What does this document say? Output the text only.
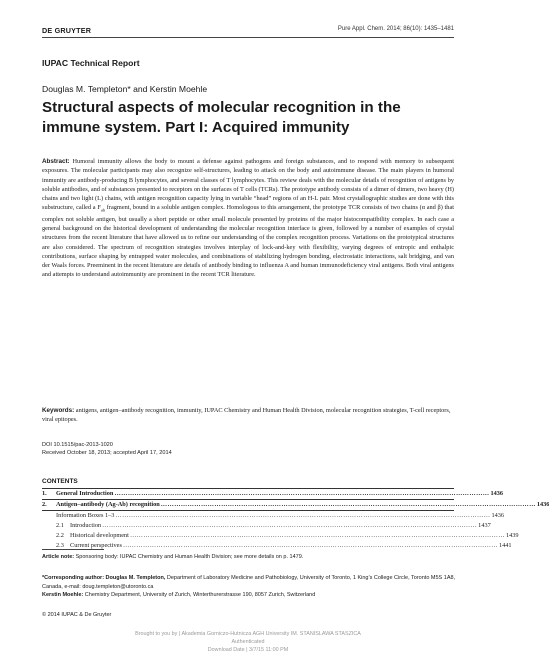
DE GRUYTER	Pure Appl. Chem. 2014; 86(10): 1435–1481
IUPAC Technical Report
Douglas M. Templeton* and Kerstin Moehle
Structural aspects of molecular recognition in the immune system. Part I: Acquired immunity
Abstract: Humoral immunity allows the body to mount a defense against pathogens and foreign substances, and to respond with memory to subsequent exposures. The molecular participants may also recognize self-structures, leading to attack on the body and autoimmune disease. The main players in humoral immunity are antibody-producing B lymphocytes, and several classes of T lymphocytes. This review deals with the molecular details of recognition of antigens by soluble antibodies, and of substances presented to receptors on the surfaces of T cells (TCRs). The prototype antibody consists of a dimer of dimers, two heavy (H) chains and two light (L) chains, with antigen recognition capacity lying in variable “head” regions of an H-L pair. Most crystallographic studies are done with this substructure, called a $F_{ab}$ fragment, bound in a soluble antigen complex. Homologous to this arrangement, the prototype TCR consists of two chains (α and β) that complex not soluble antigen, but usually a short peptide or other small molecule presented by proteins of the major histocompatibility complex. In each case a general background on the historical development of understanding the molecular recognition interface is given, followed by a number of examples of crystal structures from the recent literature that have allowed us to refine our understanding of the complex recognition process. Variations on the prototypical structures are also considered. The spectrum of recognition strategies involves interplay of lock-and-key with flexibility, varying degrees of entropic and enthalpic contributions, surface shaping by entrapped water molecules, and combinations of stabilizing hydrogen bonding, electrostatic interactions, salt bridging, and van der Waals forces. Preeminent in the recent literature are details of antibody binding to influenza A and human immunodeficiency viral antigens. Both viral antigens and attempts to understand autoimmunity are prominent in the recent TCR literature.
Keywords: antigens, antigen–antibody recognition, immunity, IUPAC Chemistry and Human Health Division, molecular recognition strategies, T-cell receptors, viral epitopes.
DOI 10.1515/pac-2013-1020
Received October 18, 2013; accepted April 17, 2014
CONTENTS
1.	General Introduction …………………………………………………………………………………………………………………………………………………… 1436
2.	Antigen–antibody (Ag-Ab) recognition …………………………………………………………………………………………………………………………………………………… 1436
Information Boxes 1–3 …………………………………………………………………………………………………………………………………………………… 1436
2.1 Introduction …………………………………………………………………………………………………………………………………………………… 1437
2.2 Historical development …………………………………………………………………………………………………………………………………………………… 1439
2.3 Current perspectives …………………………………………………………………………………………………………………………………………………… 1441
Article note: Sponsoring body: IUPAC Chemistry and Human Health Division; see more details on p. 1479.
*Corresponding author: Douglas M. Templeton, Department of Laboratory Medicine and Pathobiology, University of Toronto, 1 King’s College Circle, Toronto M5S 1A8, Canada, e-mail: doug.templeton@utoronto.ca
Kerstin Moehle: Chemistry Department, University of Zurich, Winterthurerstrasse 190, 8057 Zurich, Switzerland
© 2014 IUPAC & De Gruyter
Brought to you by | Akademia Gorniczo-Hutnicza AGH University IM. STANISLAWA STASZICA
Authenticated
Download Date | 3/7/15 11:00 PM
